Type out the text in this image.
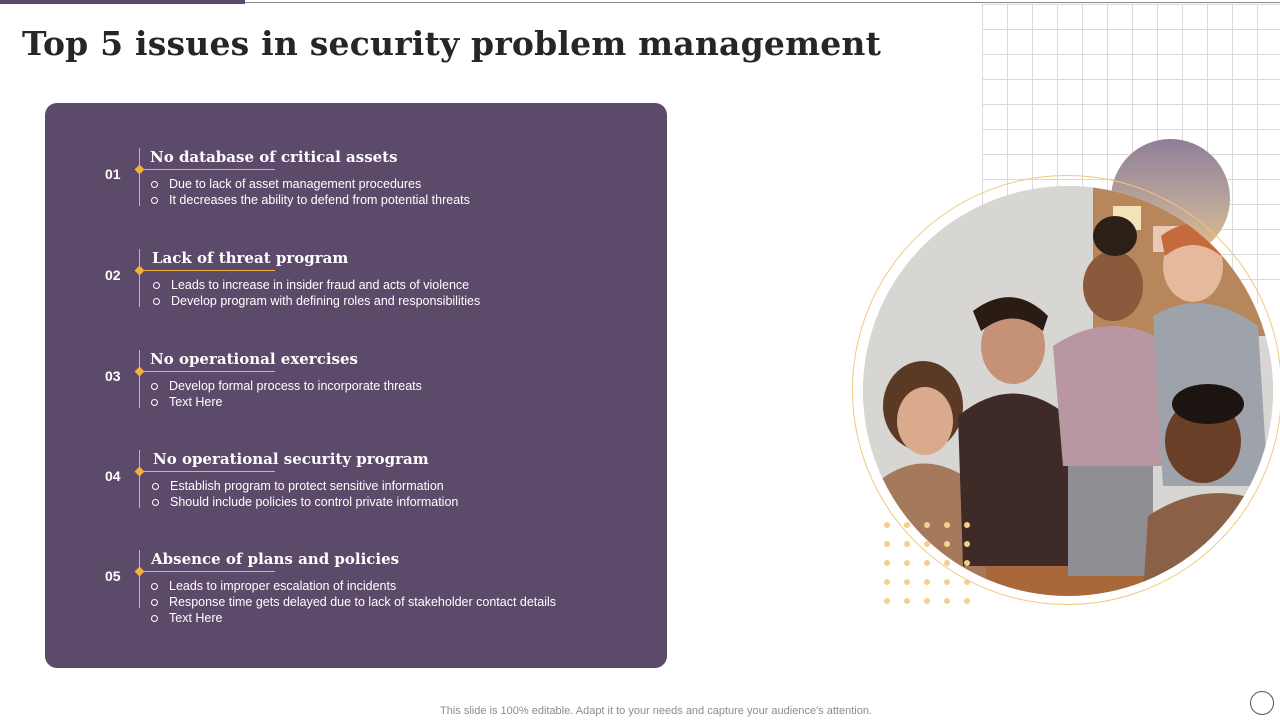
Top 5 issues in security problem management
01
No database of critical assets
Due to lack of asset management procedures
It decreases the ability to defend from potential threats
02
Lack of threat program
Leads to increase in insider fraud and acts of violence
Develop program with defining roles and responsibilities
03
No operational exercises
Develop formal process to incorporate threats
Text Here
04
No operational security program
Establish program to protect sensitive information
Should include policies to control private information
05
Absence of plans and policies
Leads to improper escalation of incidents
Response time gets delayed due to lack of stakeholder contact details
Text Here
This slide is 100% editable. Adapt it to your needs and capture your audience's attention.
